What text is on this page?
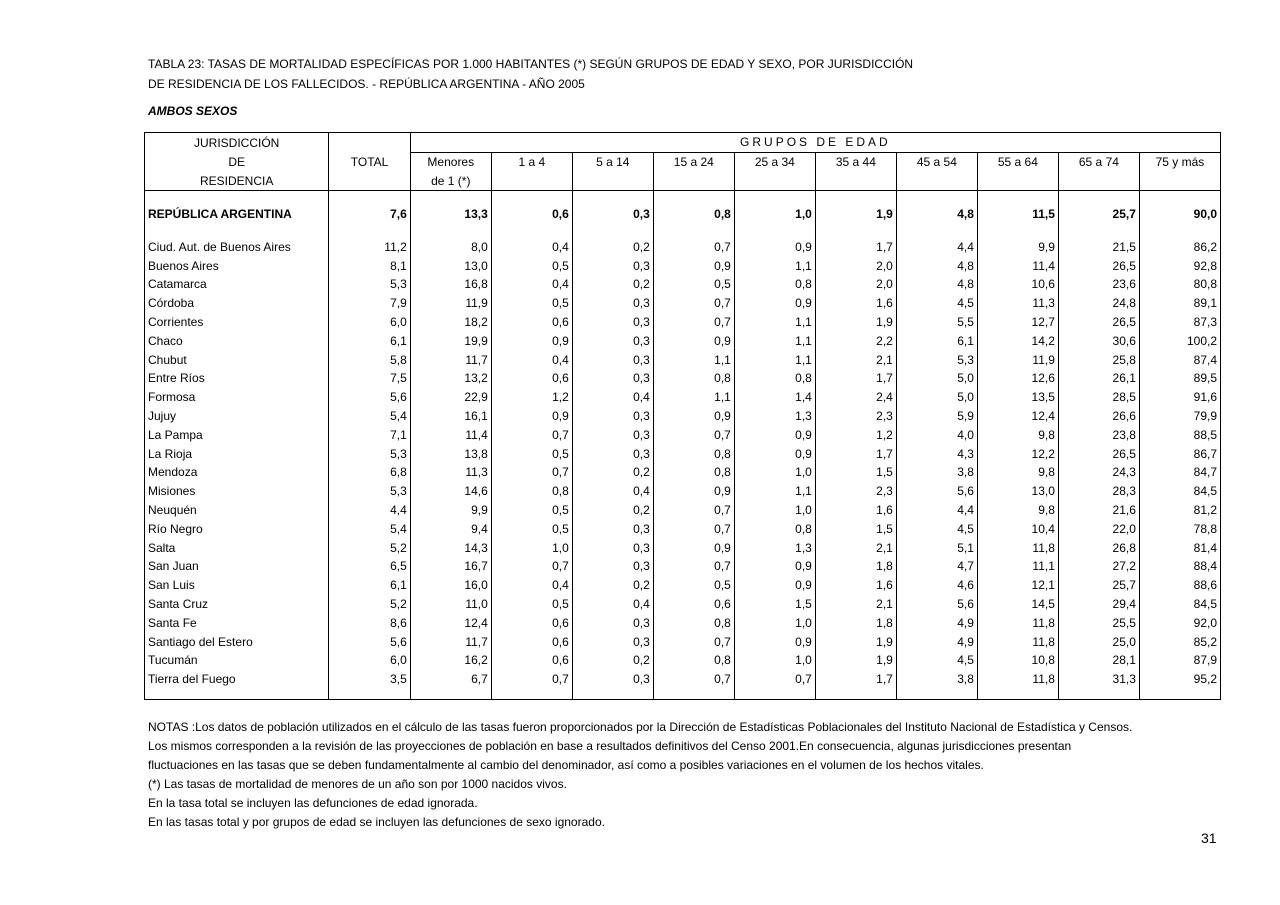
TABLA 23: TASAS DE MORTALIDAD ESPECÍFICAS POR 1.000 HABITANTES (*) SEGÚN GRUPOS DE EDAD Y SEXO, POR JURISDICCIÓN
DE RESIDENCIA DE LOS FALLECIDOS. - REPÚBLICA ARGENTINA - AÑO 2005
AMBOS SEXOS
JURISDICCIÓN		GRUPOS DE EDAD									
DE	TOTAL	Menores	1 a 4	5 a 14	15 a 24	25 a 34	35 a 44	45 a 54	55 a 64	65 a 74	75 y más
RESIDENCIA		de 1 (*)									

REPÚBLICA ARGENTINA	7,6	13,3	0,6	0,3	0,8	1,0	1,9	4,8	11,5	25,7	90,0

Ciud. Aut. de Buenos Aires	11,2	8,0	0,4	0,2	0,7	0,9	1,7	4,4	9,9	21,5	86,2
Buenos Aires	8,1	13,0	0,5	0,3	0,9	1,1	2,0	4,8	11,4	26,5	92,8
Catamarca	5,3	16,8	0,4	0,2	0,5	0,8	2,0	4,8	10,6	23,6	80,8
Córdoba	7,9	11,9	0,5	0,3	0,7	0,9	1,6	4,5	11,3	24,8	89,1
Corrientes	6,0	18,2	0,6	0,3	0,7	1,1	1,9	5,5	12,7	26,5	87,3
Chaco	6,1	19,9	0,9	0,3	0,9	1,1	2,2	6,1	14,2	30,6	100,2
Chubut	5,8	11,7	0,4	0,3	1,1	1,1	2,1	5,3	11,9	25,8	87,4
Entre Ríos	7,5	13,2	0,6	0,3	0,8	0,8	1,7	5,0	12,6	26,1	89,5
Formosa	5,6	22,9	1,2	0,4	1,1	1,4	2,4	5,0	13,5	28,5	91,6
Jujuy	5,4	16,1	0,9	0,3	0,9	1,3	2,3	5,9	12,4	26,6	79,9
La Pampa	7,1	11,4	0,7	0,3	0,7	0,9	1,2	4,0	9,8	23,8	88,5
La Rioja	5,3	13,8	0,5	0,3	0,8	0,9	1,7	4,3	12,2	26,5	86,7
Mendoza	6,8	11,3	0,7	0,2	0,8	1,0	1,5	3,8	9,8	24,3	84,7
Misiones	5,3	14,6	0,8	0,4	0,9	1,1	2,3	5,6	13,0	28,3	84,5
Neuquén	4,4	9,9	0,5	0,2	0,7	1,0	1,6	4,4	9,8	21,6	81,2
Río Negro	5,4	9,4	0,5	0,3	0,7	0,8	1,5	4,5	10,4	22,0	78,8
Salta	5,2	14,3	1,0	0,3	0,9	1,3	2,1	5,1	11,8	26,8	81,4
San Juan	6,5	16,7	0,7	0,3	0,7	0,9	1,8	4,7	11,1	27,2	88,4
San Luis	6,1	16,0	0,4	0,2	0,5	0,9	1,6	4,6	12,1	25,7	88,6
Santa Cruz	5,2	11,0	0,5	0,4	0,6	1,5	2,1	5,6	14,5	29,4	84,5
Santa Fe	8,6	12,4	0,6	0,3	0,8	1,0	1,8	4,9	11,8	25,5	92,0
Santiago del Estero	5,6	11,7	0,6	0,3	0,7	0,9	1,9	4,9	11,8	25,0	85,2
Tucumán	6,0	16,2	0,6	0,2	0,8	1,0	1,9	4,5	10,8	28,1	87,9
Tierra del Fuego	3,5	6,7	0,7	0,3	0,7	0,7	1,7	3,8	11,8	31,3	95,2

NOTAS :Los datos de población utilizados en el cálculo de las tasas fueron proporcionados por la Dirección de Estadísticas Poblacionales del Instituto Nacional de Estadística y Censos.
Los mismos corresponden a la revisión de las proyecciones de población en base a resultados definitivos del Censo 2001.En consecuencia, algunas jurisdicciones presentan
fluctuaciones en las tasas que se deben fundamentalmente al cambio del denominador, así como a posibles variaciones en el volumen de los hechos vitales.
(*) Las tasas de mortalidad de menores de un año son por 1000 nacidos vivos.
En la tasa total se incluyen las defunciones de edad ignorada.
En las tasas total y por grupos de edad se incluyen las defunciones de sexo ignorado.
31
